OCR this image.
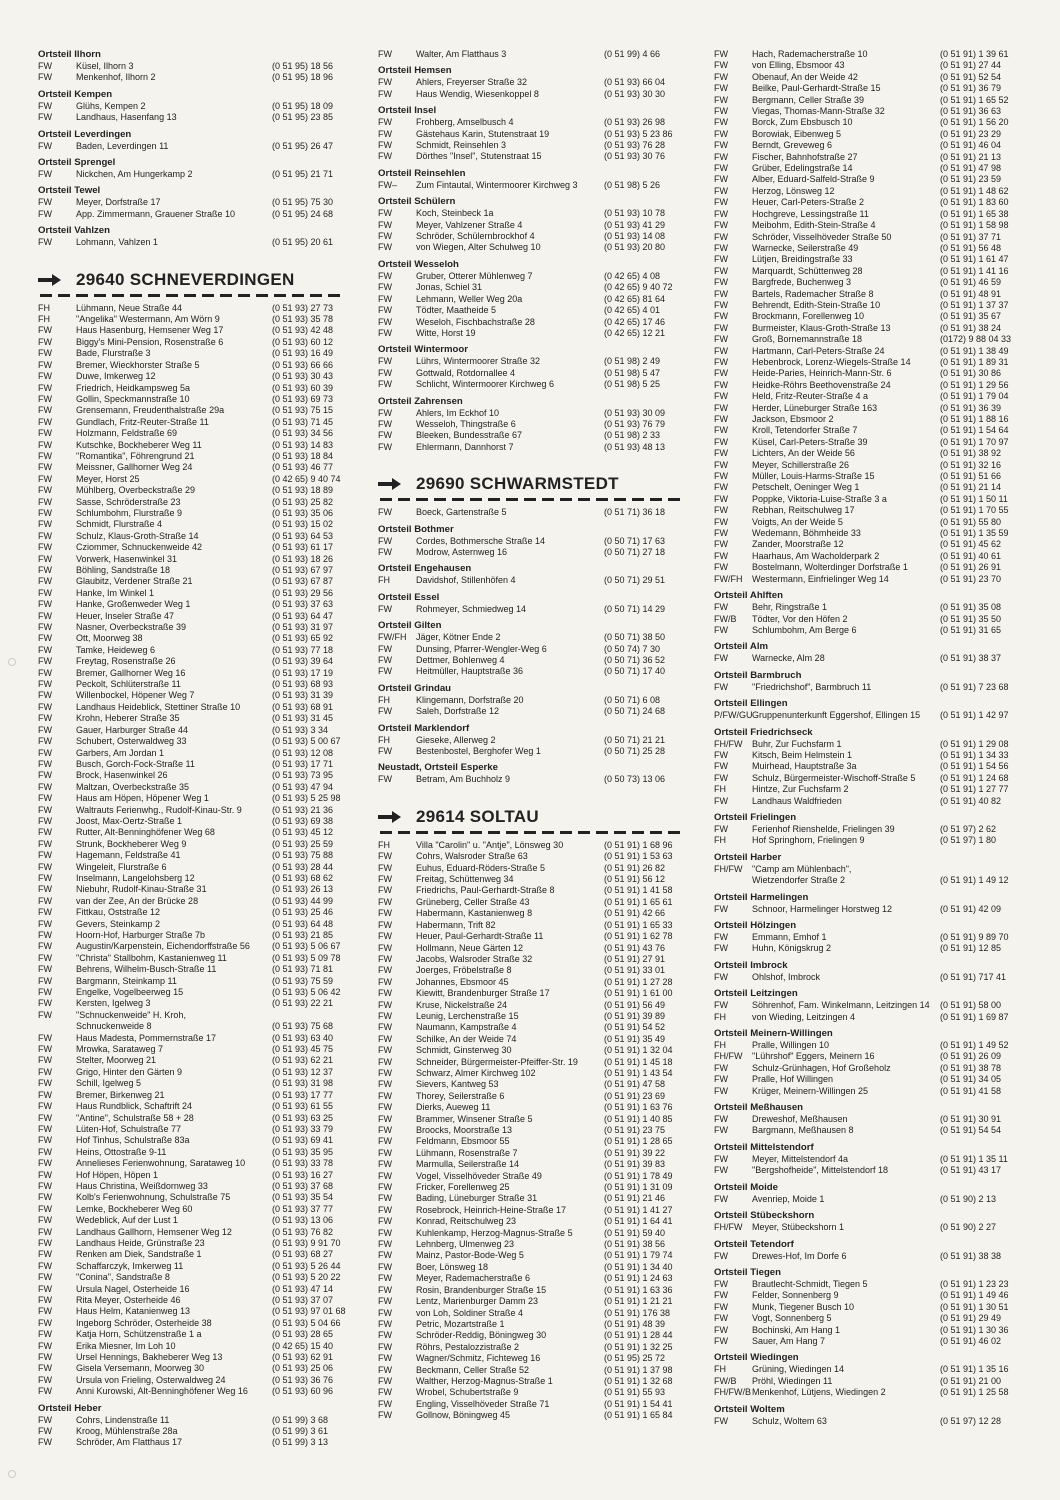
Ortsteil Ilhorn
FW	Küsel, Ilhorn 3	(0 51 95) 18 56
FW	Menkenhof, Ilhorn 2	(0 51 95) 18 96
Ortsteil Kempen
FW	Glühs, Kempen 2	(0 51 95) 18 09
FW	Landhaus, Hasenfang 13	(0 51 95) 23 85
Ortsteil Leverdingen
FW	Baden, Leverdingen 11	(0 51 95) 26 47
Ortsteil Sprengel
FW	Nickchen, Am Hungerkamp 2	(0 51 95) 21 71
Ortsteil Tewel
FW	Meyer, Dorfstraße 17	(0 51 95) 75 30
FW	App. Zimmermann, Grauener Straße 10	(0 51 95) 24 68
Ortsteil Vahlzen
FW	Lohmann, Vahlzen 1	(0 51 95) 20 61
29640 SCHNEVERDINGEN
FH	Lühmann, Neue Straße 44	(0 51 93) 27 73
FH	"Angelika" Westermann, Am Wörn 9	(0 51 93) 35 78
FW	Haus Hasenburg, Hemsener Weg 17	(0 51 93) 42 48
FW	Biggy's Mini-Pension, Rosenstraße 6	(0 51 93) 60 12
FW	Bade, Flurstraße 3	(0 51 93) 16 49
FW	Bremer, Wieckhorster Straße 5	(0 51 93) 66 66
FW	Duwe, Imkerweg 12	(0 51 93) 30 43
FW	Friedrich, Heidkampsweg 5a	(0 51 93) 60 39
FW	Gollin, Speckmannstraße 10	(0 51 93) 69 73
FW	Grensemann, Freudenthalstraße 29a	(0 51 93) 75 15
FW	Gundlach, Fritz-Reuter-Straße 11	(0 51 93) 71 45
FW	Holzmann, Feldstraße 69	(0 51 93) 34 56
FW	Kutschke, Bockheberer Weg 11	(0 51 93) 14 83
FW	"Romantika", Föhrengrund 21	(0 51 93) 18 84
FW	Meissner, Gallhorner Weg 24	(0 51 93) 46 77
FW	Meyer, Horst 25	(0 42 65) 9 40 74
FW	Mühlberg, Overbeckstraße 29	(0 51 93) 18 89
FW	Sasse, Schröderstraße 23	(0 51 93) 25 82
FW	Schlumbohm, Flurstraße 9	(0 51 93) 35 06
FW	Schmidt, Flurstraße 4	(0 51 93) 15 02
FW	Schulz, Klaus-Groth-Straße 14	(0 51 93) 64 53
FW	Cziommer, Schnuckenweide 42	(0 51 93) 61 17
FW	Vorwerk, Hasenwinkel 31	(0 51 93) 18 26
FW	Böhling, Sandstraße 18	(0 51 93) 67 97
FW	Glaubitz, Verdener Straße 21	(0 51 93) 67 87
FW	Hanke, Im Winkel 1	(0 51 93) 29 56
FW	Hanke, Großenweder Weg 1	(0 51 93) 37 63
FW	Heuer, Inseler Straße 47	(0 51 93) 64 47
FW	Nasner, Overbeckstraße 39	(0 51 93) 31 97
FW	Ott, Moorweg 38	(0 51 93) 65 92
FW	Tamke, Heideweg 6	(0 51 93) 77 18
FW	Freytag, Rosenstraße 26	(0 51 93) 39 64
FW	Bremer, Gallhorner Weg 16	(0 51 93) 17 19
FW	Peckolt, Schlüterstraße 11	(0 51 93) 68 93
FW	Willenbockel, Höpener Weg 7	(0 51 93) 31 39
FW	Landhaus Heideblick, Stettiner Straße 10	(0 51 93) 68 91
FW	Krohn, Heberer Straße 35	(0 51 93) 31 45
FW	Gauer, Harburger Straße 44	(0 51 93) 3 34
FW	Schubert, Osterwaldweg 33	(0 51 93) 5 00 67
FW	Garbers, Am Jordan 1	(0 51 93) 12 08
FW	Busch, Gorch-Fock-Straße 11	(0 51 93) 17 71
FW	Brock, Hasenwinkel 26	(0 51 93) 73 95
FW	Maltzan, Overbeckstraße 35	(0 51 93) 47 94
FW	Haus am Höpen, Höpener Weg 1	(0 51 93) 5 25 98
FW	Waltrauts Ferienwhg., Rudolf-Kinau-Str. 9	(0 51 93) 21 36
FW	Joost, Max-Oertz-Straße 1	(0 51 93) 69 38
FW	Rutter, Alt-Benninghöfener Weg 68	(0 51 93) 45 12
FW	Strunk, Bockheberer Weg 9	(0 51 93) 25 59
FW	Hagemann, Feldstraße 41	(0 51 93) 75 88
FW	Wingeleit, Flurstraße 6	(0 51 93) 28 44
FW	Inselmann, Langelohsberg 12	(0 51 93) 68 62
FW	Niebuhr, Rudolf-Kinau-Straße 31	(0 51 93) 26 13
FW	van der Zee, An der Brücke 28	(0 51 93) 44 99
FW	Fittkau, Oststraße 12	(0 51 93) 25 46
FW	Gevers, Steinkamp 2	(0 51 93) 64 48
FW	Hoorn-Hof, Harburger Straße 7b	(0 51 93) 21 85
FW	Augustin/Karpenstein, Eichendorffstraße 56	(0 51 93) 5 06 67
FW	"Christa" Stallbohm, Kastanienweg 11	(0 51 93) 5 09 78
FW	Behrens, Wilhelm-Busch-Straße 11	(0 51 93) 71 81
FW	Bargmann, Steinkamp 11	(0 51 93) 75 59
FW	Engelke, Vogelbeerweg 15	(0 51 93) 5 06 42
FW	Kersten, Igelweg 3	(0 51 93) 22 21
FW	"Schnuckenweide" H. Kroh,
Schnuckenweide 8	(0 51 93) 75 68
FW	Haus Madesta, Pommernstraße 17	(0 51 93) 63 40
FW	Mrowka, Sarataweg 7	(0 51 93) 45 75
FW	Stelter, Moorweg 21	(0 51 93) 62 21
FW	Grigo, Hinter den Gärten 9	(0 51 93) 12 37
FW	Schill, Igelweg 5	(0 51 93) 31 98
FW	Bremer, Birkenweg 21	(0 51 93) 17 77
FW	Haus Rundblick, Schaftrift 24	(0 51 93) 61 55
FW	"Antine", Schulstraße 58 + 28	(0 51 93) 63 25
FW	Lüten-Hof, Schulstraße 77	(0 51 93) 33 79
FW	Hof Tinhus, Schulstraße 83a	(0 51 93) 69 41
FW	Heins, Ottostraße 9-11	(0 51 93) 35 95
FW	Annelieses Ferienwohnung, Sarataweg 10	(0 51 93) 33 78
FW	Hof Höpen, Höpen 1	(0 51 93) 16 27
FW	Haus Christina, Weißdornweg 33	(0 51 93) 37 68
FW	Kolb's Ferienwohnung, Schulstraße 75	(0 51 93) 35 54
FW	Lemke, Bockheberer Weg 60	(0 51 93) 37 77
FW	Wedeblick, Auf der Lust 1	(0 51 93) 13 06
FW	Landhaus Gallhorn, Hemsener Weg 12	(0 51 93) 76 82
FW	Landhaus Heide, Grünstraße 23	(0 51 93) 9 91 70
FW	Renken am Diek, Sandstraße 1	(0 51 93) 68 27
FW	Schaffarczyk, Imkerweg 11	(0 51 93) 5 26 44
FW	"Conina", Sandstraße 8	(0 51 93) 5 20 22
FW	Ursula Nagel, Osterheide 16	(0 51 93) 47 14
FW	Rita Meyer, Osterheide 46	(0 51 93) 37 07
FW	Haus Helm, Katanienweg 13	(0 51 93) 97 01 68
FW	Ingeborg Schröder, Osterheide 38	(0 51 93) 5 04 66
FW	Katja Horn, Schützenstraße 1 a	(0 51 93) 28 65
FW	Erika Miesner, Im Loh 10	(0 42 65) 15 40
FW	Ursel Hennings, Bakheberer Weg 13	(0 51 93) 62 91
FW	Gisela Versemann, Moorweg 30	(0 51 93) 25 06
FW	Ursula von Frieling, Osterwaldweg 24	(0 51 93) 36 76
FW	Anni Kurowski, Alt-Benninghöfener Weg 16	(0 51 93) 60 96
Ortsteil Heber
FW	Cohrs, Lindenstraße 11	(0 51 99) 3 68
FW	Kroog, Mühlenstraße 28a	(0 51 99) 3 61
FW	Schröder, Am Flatthaus 17	(0 51 99) 3 13
FW	Walter, Am Flatthaus 3	(0 51 99) 4 66
Ortsteil Hemsen
FW	Ahlers, Freyerser Straße 32	(0 51 93) 66 04
FW	Haus Wendig, Wiesenkoppel 8	(0 51 93) 30 30
Ortsteil Insel
FW	Frohberg, Amselbusch 4	(0 51 93) 26 98
FW	Gästehaus Karin, Stutenstraat 19	(0 51 93) 5 23 86
FW	Schmidt, Reinsehlen 3	(0 51 93) 76 28
FW	Dörthes "Insel", Stutenstraat 15	(0 51 93) 30 76
Ortsteil Reinsehlen
FW–	Zum Fintautal, Wintermoorer Kirchweg 3	(0 51 98) 5 26
Ortsteil Schülern
FW	Koch, Steinbeck 1a	(0 51 93) 10 78
FW	Meyer, Vahlzener Straße 4	(0 51 93) 41 29
FW	Schröder, Schülernbrockhof 4	(0 51 93) 14 08
FW	von Wiegen, Alter Schulweg 10	(0 51 93) 20 80
Ortsteil Wesseloh
FW	Gruber, Otterer Mühlenweg 7	(0 42 65) 4 08
FW	Jonas, Schiel 31	(0 42 65) 9 40 72
FW	Lehmann, Weller Weg 20a	(0 42 65) 81 64
FW	Tödter, Maatheide 5	(0 42 65) 4 01
FW	Weseloh, Fischbachstraße 28	(0 42 65) 17 46
FW	Witte, Horst 19	(0 42 65) 12 21
Ortsteil Wintermoor
FW	Lührs, Wintermoorer Straße 32	(0 51 98) 2 49
FW	Gottwald, Rotdornallee 4	(0 51 98) 5 47
FW	Schlicht, Wintermoorer Kirchweg 6	(0 51 98) 5 25
Ortsteil Zahrensen
FW	Ahlers, Im Eckhof 10	(0 51 93) 30 09
FW	Wesseloh, Thingstraße 6	(0 51 93) 76 79
FW	Bleeken, Bundesstraße 67	(0 51 98) 2 33
FW	Ehlermann, Dannhorst 7	(0 51 93) 48 13
29690 SCHWARMSTEDT
FW	Boeck, Gartenstraße 5	(0 51 71) 36 18
Ortsteil Bothmer
FW	Cordes, Bothmersche Straße 14	(0 50 71) 17 63
FW	Modrow, Asternweg 16	(0 50 71) 27 18
Ortsteil Engehausen
FH	Davidshof, Stillenhöfen 4	(0 50 71) 29 51
Ortsteil Essel
FW	Rohmeyer, Schmiedweg 14	(0 50 71) 14 29
Ortsteil Gilten
FW/FH	Jäger, Kötner Ende 2	(0 50 71) 38 50
FW	Dunsing, Pfarrer-Wengler-Weg 6	(0 50 74) 7 30
FW	Dettmer, Bohlenweg 4	(0 50 71) 36 52
FW	Heitmüller, Hauptstraße 36	(0 50 71) 17 40
Ortsteil Grindau
FH	Klingemann, Dorfstraße 20	(0 50 71) 6 08
FW	Saleh, Dorfstraße 12	(0 50 71) 24 68
Ortsteil Marklendorf
FH	Gieseke, Allerweg 2	(0 50 71) 21 21
FW	Bestenbostel, Berghofer Weg 1	(0 50 71) 25 28
Neustadt, Ortsteil Esperke
FW	Betram, Am Buchholz 9	(0 50 73) 13 06
29614 SOLTAU
FH	Villa "Carolin" u. "Antje", Lönsweg 30	(0 51 91) 1 68 96
FW	Cohrs, Walsroder Straße 63	(0 51 91) 1 53 63
FW	Euhus, Eduard-Röders-Straße 5	(0 51 91) 26 82
FW	Freitag, Schüttenweg 34	(0 51 91) 56 12
FW	Friedrichs, Paul-Gerhardt-Straße 8	(0 51 91) 1 41 58
FW	Grüneberg, Celler Straße 43	(0 51 91) 1 65 61
FW	Habermann, Kastanienweg 8	(0 51 91) 42 66
FW	Habermann, Trift 82	(0 51 91) 1 65 33
FW	Heuer, Paul-Gerhardt-Straße 11	(0 51 91) 1 62 78
FW	Hollmann, Neue Gärten 12	(0 51 91) 43 76
FW	Jacobs, Walsroder Straße 32	(0 51 91) 27 91
FW	Joerges, Fröbelstraße 8	(0 51 91) 33 01
FW	Johannes, Ebsmoor 45	(0 51 91) 1 27 28
FW	Kiewitt, Brandenburger Straße 17	(0 51 91) 1 61 00
FW	Kruse, Nickelstraße 24	(0 51 91) 56 49
FW	Leunig, Lerchenstraße 15	(0 51 91) 39 89
FW	Naumann, Kampstraße 4	(0 51 91) 54 52
FW	Schilke, An der Weide 74	(0 51 91) 35 49
FW	Schmidt, Ginsterweg 30	(0 51 91) 1 32 04
FW	Schneider, Bürgermeister-Pfeiffer-Str. 19	(0 51 91) 1 45 18
FW	Schwarz, Almer Kirchweg 102	(0 51 91) 1 43 54
FW	Sievers, Kantweg 53	(0 51 91) 47 58
FW	Thorey, Seilerstraße 6	(0 51 91) 23 69
FW	Dierks, Aueweg 11	(0 51 91) 1 63 76
FW	Brammer, Winsener Straße 5	(0 51 91) 1 40 85
FW	Broocks, Moorstraße 13	(0 51 91) 23 75
FW	Feldmann, Ebsmoor 55	(0 51 91) 1 28 65
FW	Lühmann, Rosenstraße 7	(0 51 91) 39 22
FW	Marmulla, Seilerstraße 14	(0 51 91) 39 83
FW	Vogel, Visselhöveder Straße 49	(0 51 91) 1 78 49
FW	Fricker, Forellenweg 25	(0 51 91) 1 31 09
FW	Bading, Lüneburger Straße 31	(0 51 91) 21 46
FW	Rosebrock, Heinrich-Heine-Straße 17	(0 51 91) 1 41 27
FW	Konrad, Reitschulweg 23	(0 51 91) 1 64 41
FW	Kuhlenkamp, Herzog-Magnus-Straße 5	(0 51 91) 59 40
FW	Lehnberg, Ulmenweg 23	(0 51 91) 38 56
FW	Mainz, Pastor-Bode-Weg 5	(0 51 91) 1 79 74
FW	Boer, Lönsweg 18	(0 51 91) 1 34 40
FW	Meyer, Rademacherstraße 6	(0 51 91) 1 24 63
FW	Rosin, Brandenburger Straße 15	(0 51 91) 1 63 36
FW	Lentz, Marienburger Damm 23	(0 51 91) 1 21 21
FW	von Loh, Soldiner Straße 4	(0 51 91) 176 38
FW	Petric, Mozartstraße 1	(0 51 91) 48 39
FW	Schröder-Reddig, Böningweg 30	(0 51 91) 1 28 44
FW	Röhrs, Pestalozzistraße 2	(0 51 91) 1 32 25
FW	Wagner/Schmitz, Fichteweg 16	(0 51 95) 25 72
FW	Beckmann, Celler Straße 52	(0 51 91) 1 37 98
FW	Walther, Herzog-Magnus-Straße 1	(0 51 91) 1 32 68
FW	Wrobel, Schubertstraße 9	(0 51 91) 55 93
FW	Engling, Visselhöveder Straße 71	(0 51 91) 1 54 41
FW	Gollnow, Böningweg 45	(0 51 91) 1 65 84
FW	Hach, Rademacherstraße 10	(0 51 91) 1 39 61
FW	von Elling, Ebsmoor 43	(0 51 91) 27 44
FW	Obenauf, An der Weide 42	(0 51 91) 52 54
FW	Beilke, Paul-Gerhardt-Straße 15	(0 51 91) 36 79
FW	Bergmann, Celler Straße 39	(0 51 91) 1 65 52
FW	Viegas, Thomas-Mann-Straße 32	(0 51 91) 36 63
FW	Borck, Zum Ebsbusch 10	(0 51 91) 1 56 20
FW	Borowiak, Eibenweg 5	(0 51 91) 23 29
FW	Berndt, Greveweg 6	(0 51 91) 46 04
FW	Fischer, Bahnhofstraße 27	(0 51 91) 21 13
FW	Grüber, Edelingstraße 14	(0 51 91) 47 98
FW	Alber, Eduard-Salfeld-Straße 9	(0 51 91) 23 59
FW	Herzog, Lönsweg 12	(0 51 91) 1 48 62
FW	Heuer, Carl-Peters-Straße 2	(0 51 91) 1 83 60
FW	Hochgreve, Lessingstraße 11	(0 51 91) 1 65 38
FW	Meibohm, Edith-Stein-Straße 4	(0 51 91) 1 58 98
FW	Schröder, Visselhöveder Straße 50	(0 51 91) 37 71
FW	Warnecke, Seilerstraße 49	(0 51 91) 56 48
FW	Lütjen, Breidingstraße 33	(0 51 91) 1 61 47
FW	Marquardt, Schüttenweg 28	(0 51 91) 1 41 16
FW	Bargfrede, Buchenweg 3	(0 51 91) 46 59
FW	Bartels, Rademacher Straße 8	(0 51 91) 48 91
FW	Behrendt, Edith-Stein-Straße 10	(0 51 91) 1 37 37
FW	Brockmann, Forellenweg 10	(0 51 91) 35 67
FW	Burmeister, Klaus-Groth-Straße 13	(0 51 91) 38 24
FW	Groß, Bornemannstraße 18	(0172) 9 88 04 33
FW	Hartmann, Carl-Peters-Straße 24	(0 51 91) 1 38 49
FW	Hebenbrock, Lorenz-Wiegels-Straße 14	(0 51 91) 1 89 31
FW	Heide-Paries, Heinrich-Mann-Str. 6	(0 51 91) 30 86
FW	Heidke-Röhrs Beethovenstraße 24	(0 51 91) 1 29 56
FW	Held, Fritz-Reuter-Straße 4 a	(0 51 91) 1 79 04
FW	Herder, Lüneburger Straße 163	(0 51 91) 36 39
FW	Jackson, Ebsmoor 2	(0 51 91) 1 88 16
FW	Kroll, Tetendorfer Straße 7	(0 51 91) 1 54 64
FW	Küsel, Carl-Peters-Straße 39	(0 51 91) 1 70 97
FW	Lichters, An der Weide 56	(0 51 91) 38 92
FW	Meyer, Schillerstraße 26	(0 51 91) 32 16
FW	Müller, Louis-Harms-Straße 15	(0 51 91) 51 66
FW	Petschelt, Oeninger Weg 1	(0 51 91) 21 14
FW	Poppke, Viktoria-Luise-Straße 3 a	(0 51 91) 1 50 11
FW	Rebhan, Reitschulweg 17	(0 51 91) 1 70 55
FW	Voigts, An der Weide 5	(0 51 91) 55 80
FW	Wedemann, Böhmheide 33	(0 51 91) 1 35 59
FW	Zander, Moorstraße 12	(0 51 91) 45 62
FW	Haarhaus, Am Wacholderpark 2	(0 51 91) 40 61
FW	Bostelmann, Wolterdinger Dorfstraße 1	(0 51 91) 26 91
FW/FH	Westermann, Einfrielinger Weg 14	(0 51 91) 23 70
Ortsteil Ahlften
FW	Behr, Ringstraße 1	(0 51 91) 35 08
FW/B	Tödter, Vor den Höfen 2	(0 51 91) 35 50
FW	Schlumbohm, Am Berge 6	(0 51 91) 31 65
Ortsteil Alm
FW	Warnecke, Alm 28	(0 51 91) 38 37
Ortsteil Barmbruch
FW	"Friedrichshof", Barmbruch 11	(0 51 91) 7 23 68
Ortsteil Ellingen
P/FW/GU Gruppenunterkunft Eggershof, Ellingen 15	(0 51 91) 1 42 97
Ortsteil Friedrichseck
FH/FW	Buhr, Zur Fuchsfarm 1	(0 51 91) 1 29 08
FW	Kitsch, Beim Helmstein 1	(0 51 91) 1 34 33
FW	Muirhead, Hauptstraße 3a	(0 51 91) 1 54 56
FW	Schulz, Bürgermeister-Wischoff-Straße 5	(0 51 91) 1 24 68
FH	Hintze, Zur Fuchsfarm 2	(0 51 91) 1 27 77
FW	Landhaus Waldfrieden	(0 51 91) 40 82
Ortsteil Frielingen
FW	Ferienhof Rienshelde, Frielingen 39	(0 51 97) 2 62
FH	Hof Springhorn, Frielingen 9	(0 51 97) 1 80
Ortsteil Harber
FH/FW	"Camp am Mühlenbach",
Wietzendorfer Straße 2	(0 51 91) 1 49 12
Ortsteil Harmelingen
FW	Schnoor, Harmelinger Horstweg 12	(0 51 91) 42 09
Ortsteil Hölzingen
FW	Emmann, Emhof 1	(0 51 91) 9 89 70
FW	Huhn, Königskrug 2	(0 51 91) 12 85
Ortsteil Imbrock
FW	Ohlshof, Imbrock	(0 51 91) 717 41
Ortsteil Leitzingen
FW	Söhrenhof, Fam. Winkelmann, Leitzingen 14	(0 51 91) 58 00
FH	von Wieding, Leitzingen 4	(0 51 91) 1 69 87
Ortsteil Meinern-Willingen
FH	Pralle, Willingen 10	(0 51 91) 1 49 52
FH/FW	"Lührshof" Eggers, Meinern 16	(0 51 91) 26 09
FW	Schulz-Grünhagen, Hof Großeholz	(0 51 91) 38 78
FW	Pralle, Hof Willingen	(0 51 91) 34 05
FW	Krüger, Meinern-Willingen 25	(0 51 91) 41 58
Ortsteil Meßhausen
FW	Dreweshof, Meßhausen	(0 51 91) 30 91
FW	Bargmann, Meßhausen 8	(0 51 91) 54 54
Ortsteil Mittelstendorf
FW	Meyer, Mittelstendorf 4a	(0 51 91) 1 35 11
FW	"Bergshofheide", Mittelstendorf 18	(0 51 91) 43 17
Ortsteil Moide
FW	Avenriep, Moide 1	(0 51 90) 2 13
Ortsteil Stübeckshorn
FH/FW	Meyer, Stübeckshorn 1	(0 51 90) 2 27
Ortsteil Tetendorf
FW	Drewes-Hof, Im Dorfe 6	(0 51 91) 38 38
Ortsteil Tiegen
FW	Brautlecht-Schmidt, Tiegen 5	(0 51 91) 1 23 23
FW	Felder, Sonnenberg 9	(0 51 91) 1 49 46
FW	Munk, Tiegener Busch 10	(0 51 91) 1 30 51
FW	Vogt, Sonnenberg 5	(0 51 91) 29 49
FW	Bochinski, Am Hang 1	(0 51 91) 1 30 36
FW	Sauer, Am Hang 7	(0 51 91) 46 02
Ortsteil Wiedingen
FH	Grüning, Wiedingen 14	(0 51 91) 1 35 16
FW/B	Pröhl, Wiedingen 11	(0 51 91) 21 00
FH/FW/B Menkenhof, Lütjens, Wiedingen 2	(0 51 91) 1 25 58
Ortsteil Woltem
FW	Schulz, Woltem 63	(0 51 97) 12 28
